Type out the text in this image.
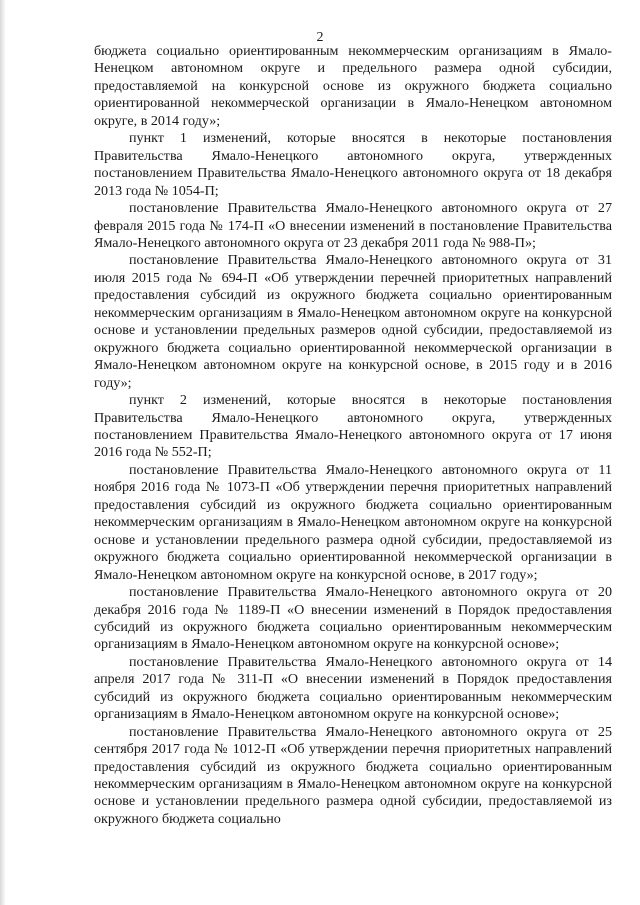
2

бюджета социально ориентированным некоммерческим организациям в Ямало-Ненецком автономном округе и предельного размера одной субсидии, предоставляемой на конкурсной основе из окружного бюджета социально ориентированной некоммерческой организации в Ямало-Ненецком автономном округе, в 2014 году»;

пункт 1 изменений, которые вносятся в некоторые постановления Правительства Ямало-Ненецкого автономного округа, утвержденных постановлением Правительства Ямало-Ненецкого автономного округа от 18 декабря 2013 года № 1054-П;

постановление Правительства Ямало-Ненецкого автономного округа от 27 февраля 2015 года № 174-П «О внесении изменений в постановление Правительства Ямало-Ненецкого автономного округа от 23 декабря 2011 года № 988-П»;

постановление Правительства Ямало-Ненецкого автономного округа от 31 июля 2015 года № 694-П «Об утверждении перечней приоритетных направлений предоставления субсидий из окружного бюджета социально ориентированным некоммерческим организациям в Ямало-Ненецком автономном округе на конкурсной основе и установлении предельных размеров одной субсидии, предоставляемой из окружного бюджета социально ориентированной некоммерческой организации в Ямало-Ненецком автономном округе на конкурсной основе, в 2015 году и в 2016 году»;

пункт 2 изменений, которые вносятся в некоторые постановления Правительства Ямало-Ненецкого автономного округа, утвержденных постановлением Правительства Ямало-Ненецкого автономного округа от 17 июня 2016 года № 552-П;

постановление Правительства Ямало-Ненецкого автономного округа от 11 ноября 2016 года № 1073-П «Об утверждении перечня приоритетных направлений предоставления субсидий из окружного бюджета социально ориентированным некоммерческим организациям в Ямало-Ненецком автономном округе на конкурсной основе и установлении предельного размера одной субсидии, предоставляемой из окружного бюджета социально ориентированной некоммерческой организации в Ямало-Ненецком автономном округе на конкурсной основе, в 2017 году»;

постановление Правительства Ямало-Ненецкого автономного округа от 20 декабря 2016 года № 1189-П «О внесении изменений в Порядок предоставления субсидий из окружного бюджета социально ориентированным некоммерческим организациям в Ямало-Ненецком автономном округе на конкурсной основе»;

постановление Правительства Ямало-Ненецкого автономного округа от 14 апреля 2017 года № 311-П «О внесении изменений в Порядок предоставления субсидий из окружного бюджета социально ориентированным некоммерческим организациям в Ямало-Ненецком автономном округе на конкурсной основе»;

постановление Правительства Ямало-Ненецкого автономного округа от 25 сентября 2017 года № 1012-П «Об утверждении перечня приоритетных направлений предоставления субсидий из окружного бюджета социально ориентированным некоммерческим организациям в Ямало-Ненецком автономном округе на конкурсной основе и установлении предельного размера одной субсидии, предоставляемой из окружного бюджета социально
